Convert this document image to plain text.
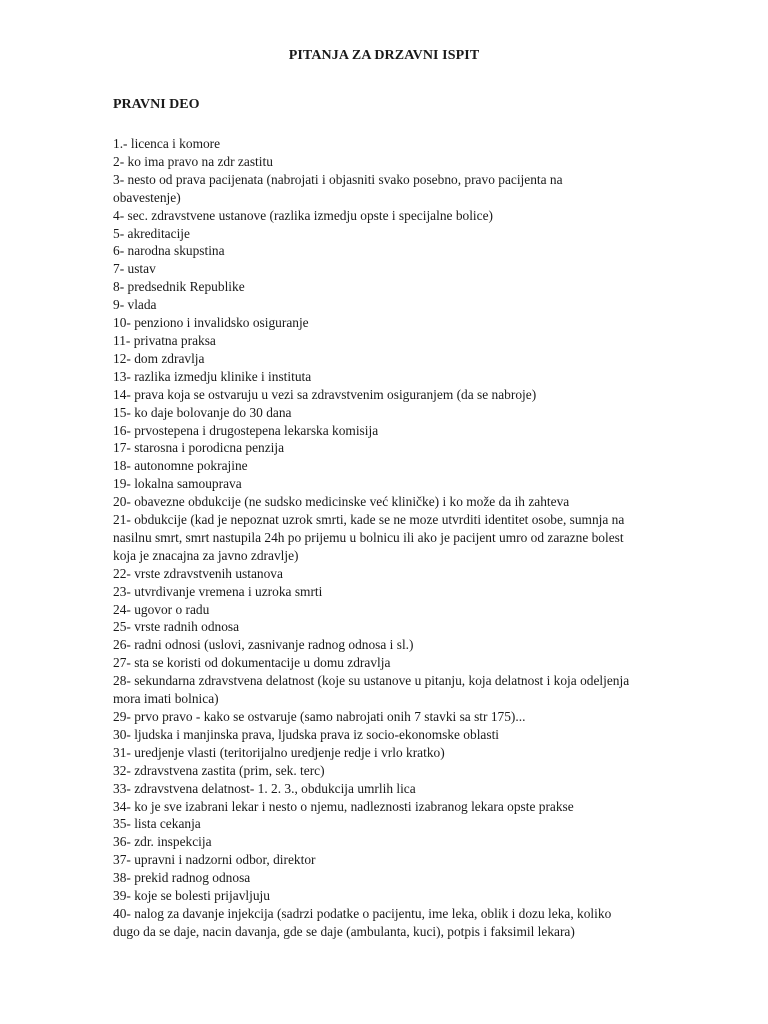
PITANJA ZA DRZAVNI ISPIT
PRAVNI DEO
1.- licenca i komore
2- ko ima pravo na zdr zastitu
3- nesto od prava pacijenata (nabrojati i objasniti svako posebno, pravo pacijenta na obavestenje)
4- sec. zdravstvene ustanove (razlika izmedju opste i specijalne bolice)
5- akreditacije
6- narodna skupstina
7- ustav
8- predsednik Republike
9- vlada
10- penziono i invalidsko osiguranje
11- privatna praksa
12- dom zdravlja
13- razlika izmedju klinike i instituta
14- prava koja se ostvaruju u vezi sa zdravstvenim osiguranjem (da se nabroje)
15- ko daje bolovanje do 30 dana
16- prvostepena i drugostepena lekarska komisija
17- starosna i porodicna penzija
18- autonomne pokrajine
19- lokalna samouprava
20- obavezne obdukcije (ne sudsko medicinske već kliničke) i ko može da ih zahteva
21- obdukcije (kad je nepoznat uzrok smrti, kade se ne moze utvrditi identitet osobe, sumnja na nasilnu smrt, smrt nastupila 24h po prijemu u bolnicu ili ako je pacijent umro od zarazne bolest koja je znacajna za javno zdravlje)
22- vrste zdravstvenih ustanova
23- utvrdivanje vremena i uzroka smrti
24- ugovor o radu
25- vrste radnih odnosa
26- radni odnosi (uslovi, zasnivanje radnog odnosa i sl.)
27- sta se koristi od dokumentacije u domu zdravlja
28- sekundarna zdravstvena delatnost (koje su ustanove u pitanju, koja delatnost i koja odeljenja mora imati bolnica)
29- prvo pravo - kako se ostvaruje (samo nabrojati onih 7 stavki sa str 175)...
30- ljudska i manjinska prava, ljudska prava iz socio-ekonomske oblasti
31- uredjenje vlasti (teritorijalno uredjenje redje i vrlo kratko)
32- zdravstvena zastita (prim, sek. terc)
33- zdravstvena delatnost- 1. 2. 3., obdukcija umrlih lica
34- ko je sve izabrani lekar i nesto o njemu, nadleznosti izabranog lekara opste prakse
35- lista cekanja
36- zdr. inspekcija
37- upravni i nadzorni odbor, direktor
38- prekid radnog odnosa
39- koje se bolesti prijavljuju
40- nalog za davanje injekcija (sadrzi podatke o pacijentu, ime leka, oblik i dozu leka, koliko dugo da se daje, nacin davanja, gde se daje (ambulanta, kuci), potpis i faksimil lekara)
